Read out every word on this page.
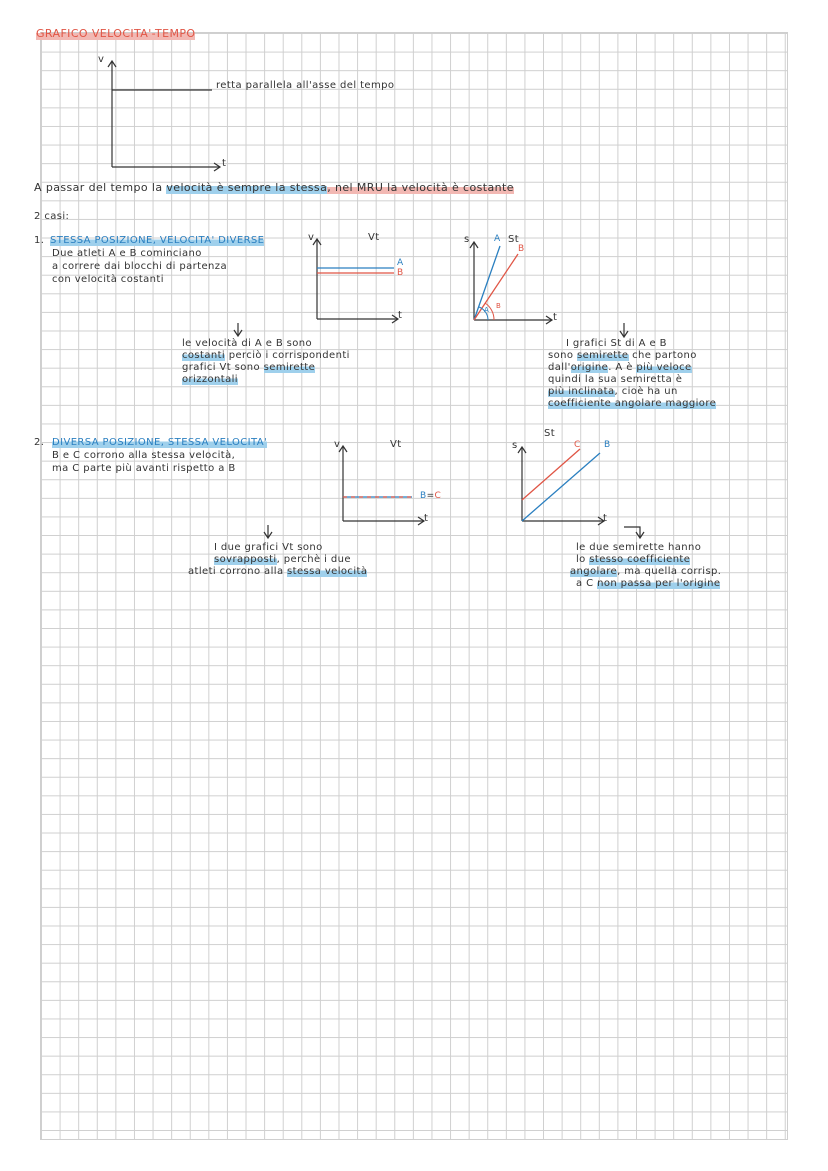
GRAFICO VELOCITA'-TEMPO
v
t
retta parallela all'asse del tempo
A passar del tempo la velocità è sempre la stessa, nel MRU la velocità è costante
2 casi:
1. STESSA POSIZIONE, VELOCITA' DIVERSE
Due atleti A e B cominciano
a correre dai blocchi di partenza
con velocità costanti
v	Vt
A
B
t
le velocità di A e B sono
costanti perciò i corrispondenti
grafici Vt sono semirette
orizzontali
s	A St
B
A B
t
I grafici St di A e B
sono semirette che partono
dall'origine. A è più veloce
quindi la sua semiretta è
più inclinata, cioè ha un
coefficiente angolare maggiore
2. DIVERSA POSIZIONE, STESSA VELOCITA'
B e C corrono alla stessa velocità,
ma C parte più avanti rispetto a B
v	Vt
B=C
t
I due grafici Vt sono
sovrapposti, perchè i due
atleti corrono alla stessa velocità
s
St
C	B
t
le due semirette hanno
lo stesso coefficiente
angolare, ma quella corrisp.
a C non passa per l'origine
